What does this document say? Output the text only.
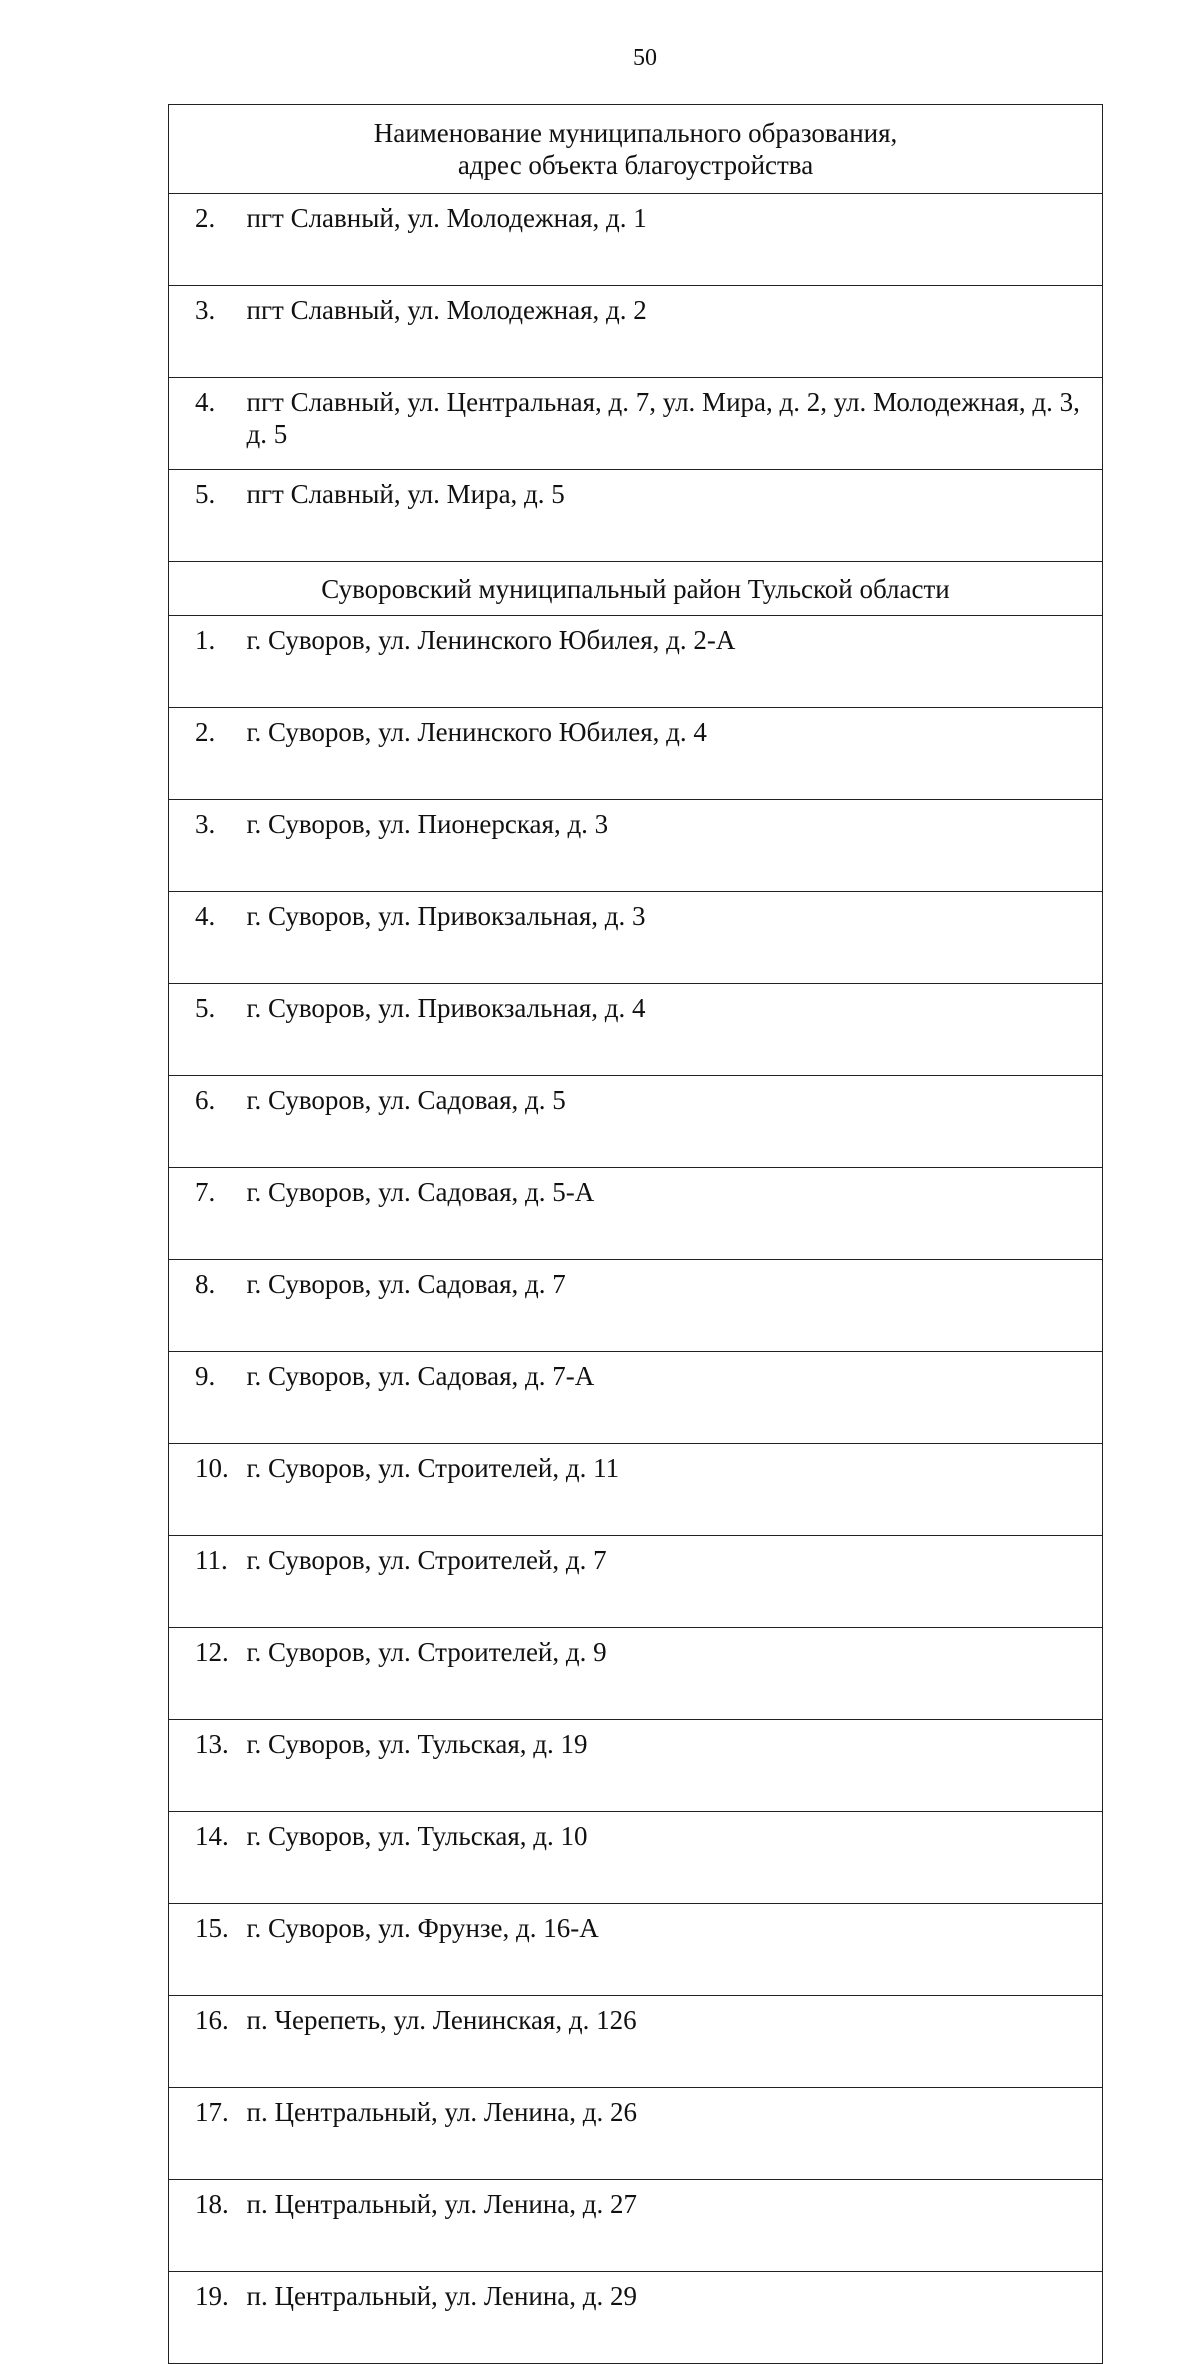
50
Наименование муниципального образования,
адрес объекта благоустройства	

2.	пгт Славный, ул. Молодежная, д. 1
3.	пгт Славный, ул. Молодежная, д. 2
4.	пгт Славный, ул. Центральная, д. 7, ул. Мира, д. 2, ул. Молодежная, д. 3, д. 5
5.	пгт Славный, ул. Мира, д. 5
Суворовский муниципальный район Тульской области	
1.	г. Суворов, ул. Ленинского Юбилея, д. 2-А
2.	г. Суворов, ул. Ленинского Юбилея, д. 4
3.	г. Суворов, ул. Пионерская, д. 3
4.	г. Суворов, ул. Привокзальная, д. 3
5.	г. Суворов, ул. Привокзальная, д. 4
6.	г. Суворов, ул. Садовая, д. 5
7.	г. Суворов, ул. Садовая, д. 5-А
8.	г. Суворов, ул. Садовая, д. 7
9.	г. Суворов, ул. Садовая, д. 7-А
10.	г. Суворов, ул. Строителей, д. 11
11.	г. Суворов, ул. Строителей, д. 7
12.	г. Суворов, ул. Строителей, д. 9
13.	г. Суворов, ул. Тульская, д. 19
14.	г. Суворов, ул. Тульская, д. 10
15.	г. Суворов, ул. Фрунзе, д. 16-А
16.	п. Черепеть, ул. Ленинская, д. 126
17.	п. Центральный, ул. Ленина, д. 26
18.	п. Центральный, ул. Ленина, д. 27
19.	п. Центральный, ул. Ленина, д. 29
